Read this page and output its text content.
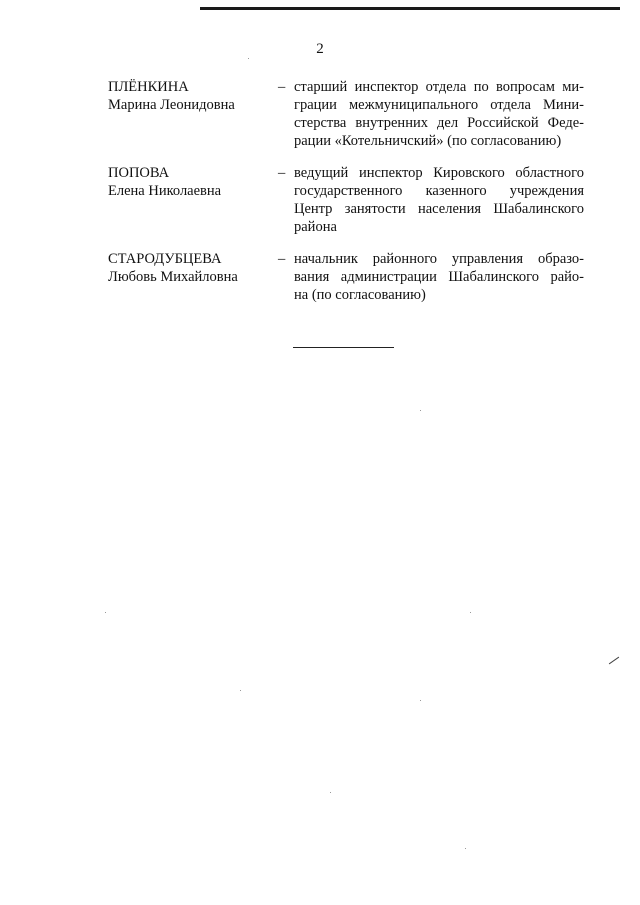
2
ПЛЁНКИНА
Марина Леонидовна
– старший инспектор отдела по вопросам ми-
грации межмуниципального отдела Мини-
стерства внутренних дел Российской Феде-
рации «Котельничский» (по согласованию)
ПОПОВА
Елена Николаевна
– ведущий инспектор Кировского областного
государственного казенного учреждения
Центр занятости населения Шабалинского
района
СТАРОДУБЦЕВА
Любовь Михайловна
– начальник районного управления образо-
вания администрации Шабалинского райо-
на (по согласованию)
